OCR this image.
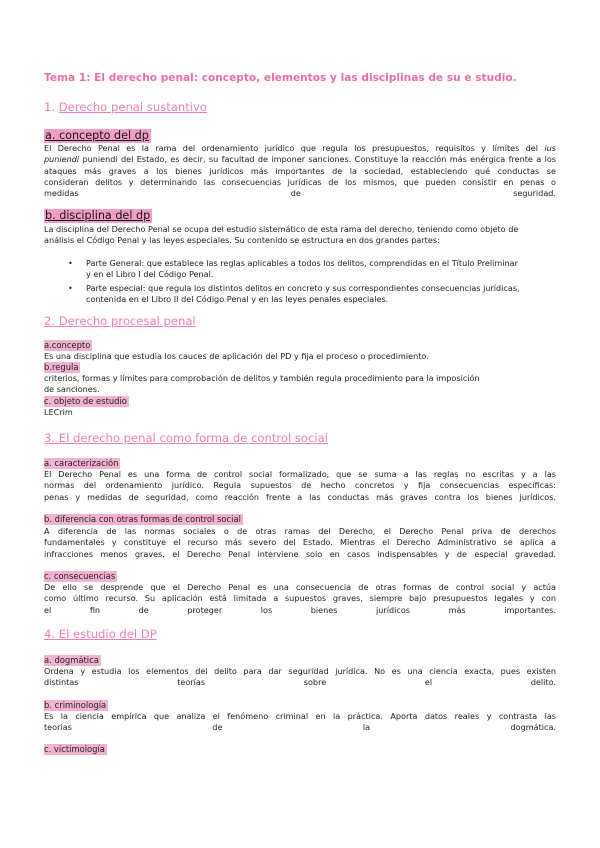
Tema 1: El derecho penal: concepto, elementos y las disciplinas de su e studio.

1. Derecho penal sustantivo

a. concepto del dp

El Derecho Penal es la rama del ordenamiento jurídico que regula los presupuestos, requisitos y límites del ius
puniendi puniendi del Estado, es decir, su facultad de imponer sanciones. Constituye la reacción más enérgica frente a los
ataques más graves a los bienes jurídicos más importantes de la sociedad, estableciendo qué conductas se
consideran delitos y determinando las consecuencias jurídicas de los mismos, que pueden consistir en penas o
medidas de seguridad.

b. disciplina del dp

La disciplina del Derecho Penal se ocupa del estudio sistemático de esta rama del derecho, teniendo como objeto de
análisis el Código Penal y las leyes especiales. Su contenido se estructura en dos grandes partes:
• Parte General: que establece las reglas aplicables a todos los delitos, comprendidas en el Título Preliminar
y en el Libro I del Código Penal.
• Parte especial: que regula los distintos delitos en concreto y sus correspondientes consecuencias jurídicas,
contenida en el Libro II del Código Penal y en las leyes penales especiales.

2. Derecho procesal penal

a.concepto

Es una disciplina que estudia los cauces de aplicación del PD y fija el proceso o procedimiento.

b.regula

criterios, formas y límites para comprobación de delitos y también regula procedimiento para la imposición
de sanciones.

c. objeto de estudio

LECrim

3. El derecho penal como forma de control social

a. caracterización

El Derecho Penal es una forma de control social formalizado, que se suma a las reglas no escritas y a las
normas del ordenamiento jurídico. Regula supuestos de hecho concretos y fija consecuencias específicas:
penas y medidas de seguridad, como reacción frente a las conductas más graves contra los bienes jurídicos.

b. diferencia con otras formas de control social

A diferencia de las normas sociales o de otras ramas del Derecho, el Derecho Penal priva de derechos
fundamentales y constituye el recurso más severo del Estado. Mientras el Derecho Administrativo se aplica a
infracciones menos graves, el Derecho Penal interviene solo en casos indispensables y de especial gravedad.

c. consecuencias

De ello se desprende que el Derecho Penal es una consecuencia de otras formas de control social y actúa
como último recurso. Su aplicación está limitada a supuestos graves, siempre bajo presupuestos legales y con
el fin de proteger los bienes jurídicos más importantes.

4. El estudio del DP

a. dogmática

Ordena y estudia los elementos del delito para dar seguridad jurídica. No es una ciencia exacta, pues existen
distintas teorías sobre el delito.

b. criminología

Es la ciencia empírica que analiza el fenómeno criminal en la práctica. Aporta datos reales y contrasta las
teorías de la dogmática.

c. victimología
